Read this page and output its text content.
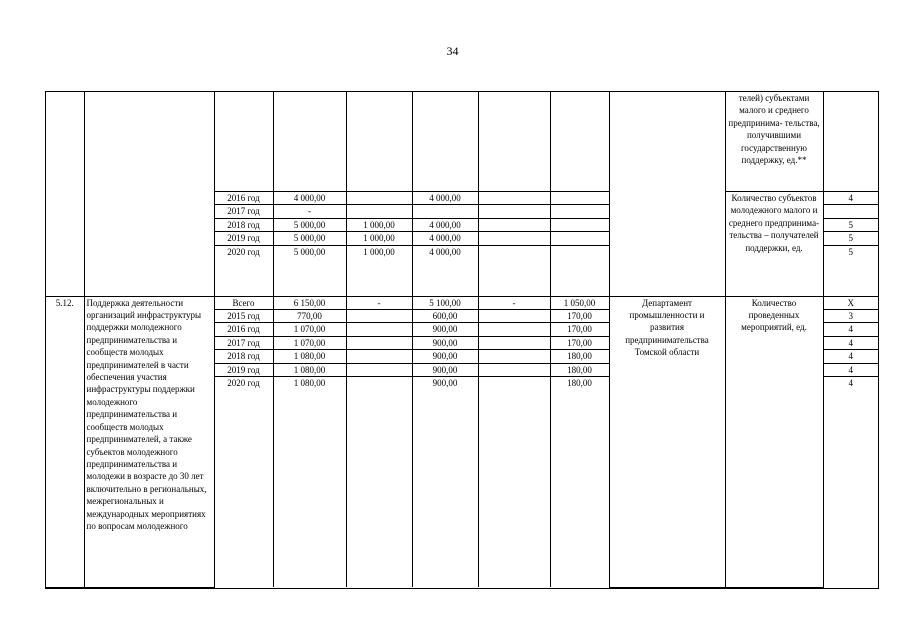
34
									телей) субъектами малого и среднего предпринима- тельства, получившими государственную поддержку, ед.**	
		2016 год	4 000,00		4 000,00				Количество субъектов молодежного малого и среднего предпринима- тельства – получателей поддержки, ед.	4
		2017 год	-							
		2018 год	5 000,00	1 000,00	4 000,00					5
		2019 год	5 000,00	1 000,00	4 000,00					5
		2020 год	5 000,00	1 000,00	4 000,00					5
5.12.	Поддержка деятельности организаций инфраструктуры поддержки молодежного предпринимательства и сообществ молодых предпринимателей в части обеспечения участия инфраструктуры поддержки молодежного предпринимательства и сообществ молодых предпринимателей, а также субъектов молодежного предпринимательства и молодежи в возрасте до 30 лет включительно в региональных, межрегиональных и международных мероприятиях по вопросам молодежного	Всего	6 150,00	-	5 100,00	-	1 050,00	Департамент промышленности и развития предпринимательства Томской области	Количество проведенных мероприятий, ед.	Х
		2015 год	770,00		600,00		170,00			3
		2016 год	1 070,00		900,00		170,00			4
		2017 год	1 070,00		900,00		170,00			4
		2018 год	1 080,00		900,00		180,00			4
		2019 год	1 080,00		900,00		180,00			4
		2020 год	1 080,00		900,00		180,00			4
